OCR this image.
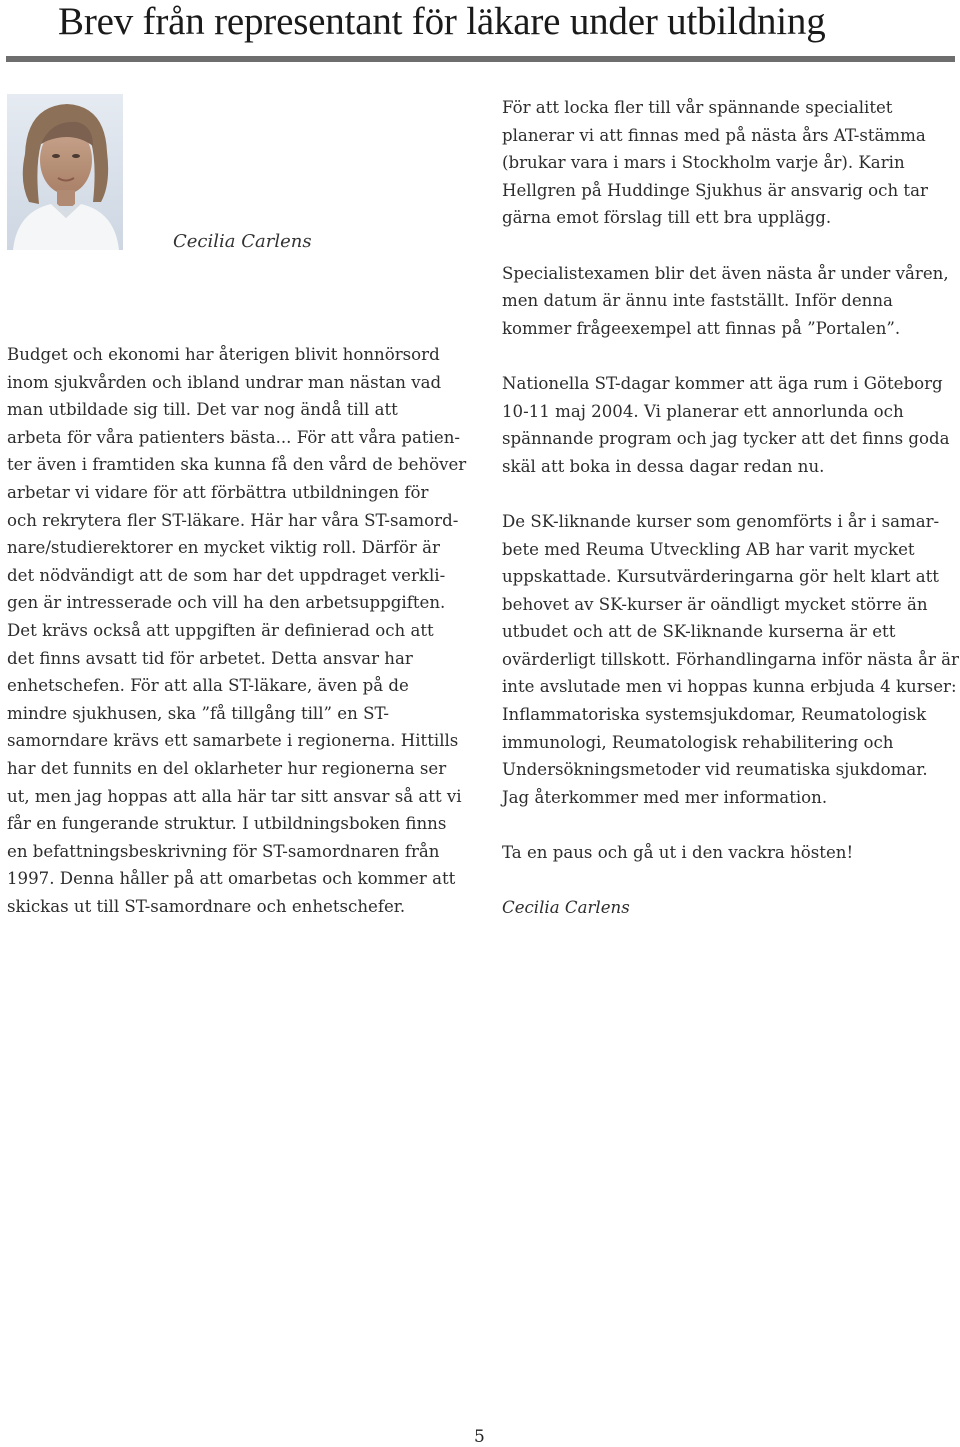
Brev från representant för läkare under utbildning
Cecilia Carlens
Budget och ekonomi har återigen blivit honnörsord
inom sjukvården och ibland undrar man nästan vad
man utbildade sig till. Det var nog ändå till att
arbeta för våra patienters bästa... För att våra patien-
ter även i framtiden ska kunna få den vård de behöver
arbetar vi vidare för att förbättra utbildningen för
och rekrytera fler ST-läkare. Här har våra ST-samord-
nare/studierektorer en mycket viktig roll. Därför är
det nödvändigt att de som har det uppdraget verkli-
gen är intresserade och vill ha den arbetsuppgiften.
Det krävs också att uppgiften är definierad och att
det finns avsatt tid för arbetet. Detta ansvar har
enhetschefen. För att alla ST-läkare, även på de
mindre sjukhusen, ska ”få tillgång till” en ST-
samorndare krävs ett samarbete i regionerna. Hittills
har det funnits en del oklarheter hur regionerna ser
ut, men jag hoppas att alla här tar sitt ansvar så att vi
får en fungerande struktur. I utbildningsboken finns
en befattningsbeskrivning för ST-samordnaren från
1997. Denna håller på att omarbetas och kommer att
skickas ut till ST-samordnare och enhetschefer.
För att locka fler till vår spännande specialitet
planerar vi att finnas med på nästa års AT-stämma
(brukar vara i mars i Stockholm varje år). Karin
Hellgren på Huddinge Sjukhus är ansvarig och tar
gärna emot förslag till ett bra upplägg.
Specialistexamen blir det även nästa år under våren,
men datum är ännu inte fastställt. Inför denna
kommer frågeexempel att finnas på ”Portalen”.
Nationella ST-dagar kommer att äga rum i Göteborg
10-11 maj 2004. Vi planerar ett annorlunda och
spännande program och jag tycker att det finns goda
skäl att boka in dessa dagar redan nu.
De SK-liknande kurser som genomförts i år i samar-
bete med Reuma Utveckling AB har varit mycket
uppskattade. Kursutvärderingarna gör helt klart att
behovet av SK-kurser är oändligt mycket större än
utbudet och att de SK-liknande kurserna är ett
ovärderligt tillskott. Förhandlingarna inför nästa år är
inte avslutade men vi hoppas kunna erbjuda 4 kurser:
Inflammatoriska systemsjukdomar, Reumatologisk
immunologi, Reumatologisk rehabilitering och
Undersökningsmetoder vid reumatiska sjukdomar.
Jag återkommer med mer information.
Ta en paus och gå ut i den vackra hösten!
Cecilia Carlens
5
